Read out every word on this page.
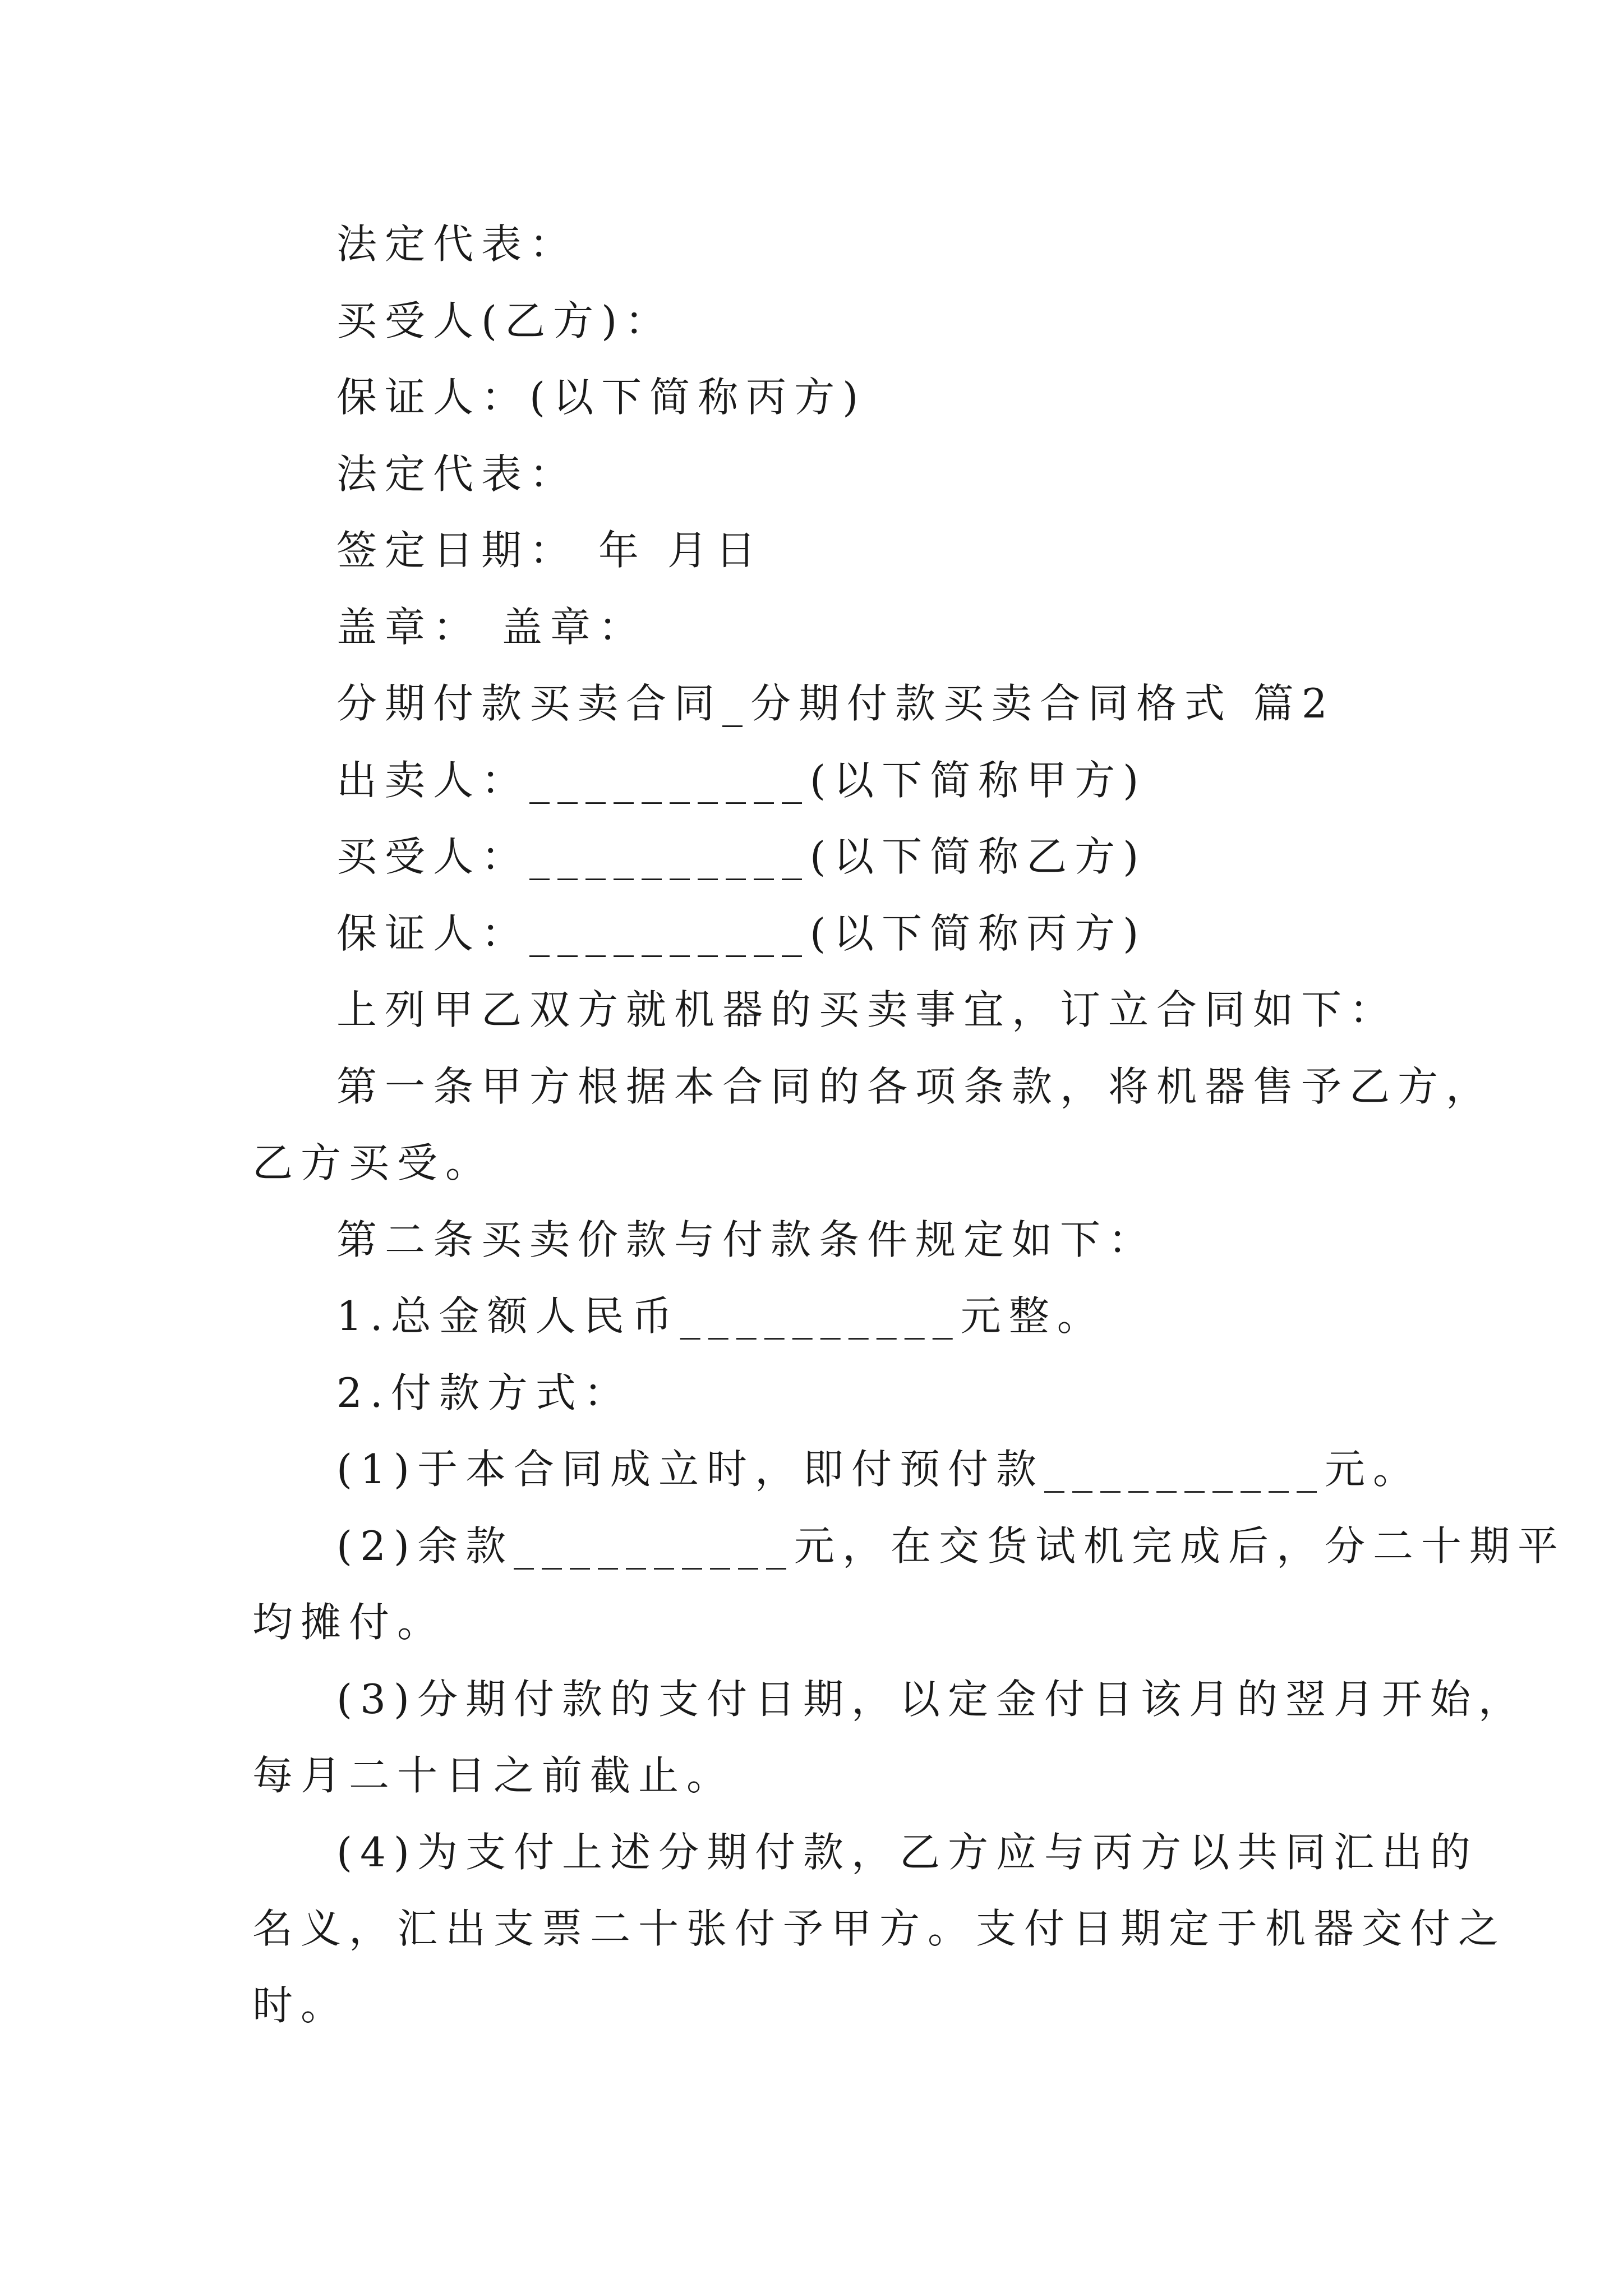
法定代表：
买受人(乙方)：
保证人：(以下简称丙方)
法定代表：
签定日期： 年 月日
盖章： 盖章：
分期付款买卖合同_分期付款买卖合同格式 篇2
出卖人：__________(以下简称甲方)
买受人：__________(以下简称乙方)
保证人：__________(以下简称丙方)
上列甲乙双方就机器的买卖事宜，订立合同如下：
第一条甲方根据本合同的各项条款，将机器售予乙方，
乙方买受。
第二条买卖价款与付款条件规定如下：
1.总金额人民币__________元整。
2.付款方式：
(1)于本合同成立时，即付预付款__________元。
(2)余款__________元，在交货试机完成后，分二十期平
均摊付。
(3)分期付款的支付日期，以定金付日该月的翌月开始，
每月二十日之前截止。
(4)为支付上述分期付款，乙方应与丙方以共同汇出的
名义，汇出支票二十张付予甲方。支付日期定于机器交付之
时。
